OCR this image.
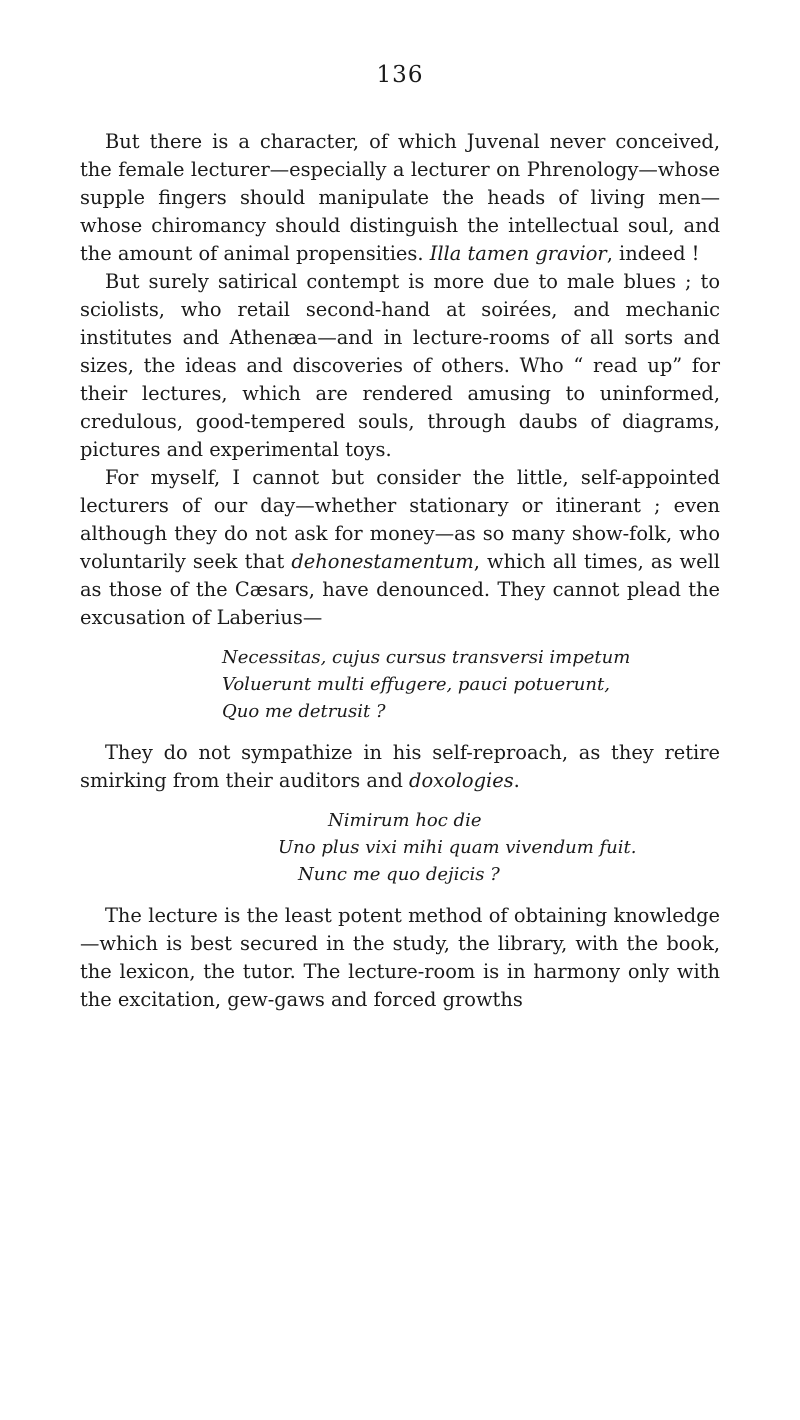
136

But there is a character, of which Juvenal never conceived, the female lecturer—especially a lecturer on Phrenology—whose supple fingers should manipulate the heads of living men—whose chiromancy should distinguish the intellectual soul, and the amount of animal propensities. Illa tamen gravior, indeed !

But surely satirical contempt is more due to male blues ; to sciolists, who retail second-hand at soirées, and mechanic institutes and Athenæa—and in lecture-rooms of all sorts and sizes, the ideas and discoveries of others. Who “ read up” for their lectures, which are rendered amusing to uninformed, credulous, good-tempered souls, through daubs of diagrams, pictures and experimental toys.

For myself, I cannot but consider the little, self-appointed lecturers of our day—whether stationary or itinerant ; even although they do not ask for money—as so many show-folk, who voluntarily seek that dehonestamentum, which all times, as well as those of the Cæsars, have denounced. They cannot plead the excusation of Laberius—

Necessitas, cujus cursus transversi impetum
Voluerunt multi effugere, pauci potuerunt,
Quo me detrusit ?

They do not sympathize in his self-reproach, as they retire smirking from their auditors and doxologies.

Nimirum hoc die
Uno plus vixi mihi quam vivendum fuit.
Nunc me quo dejicis ?

The lecture is the least potent method of obtaining knowledge—which is best secured in the study, the library, with the book, the lexicon, the tutor. The lecture-room is in harmony only with the excitation, gew-gaws and forced growths
